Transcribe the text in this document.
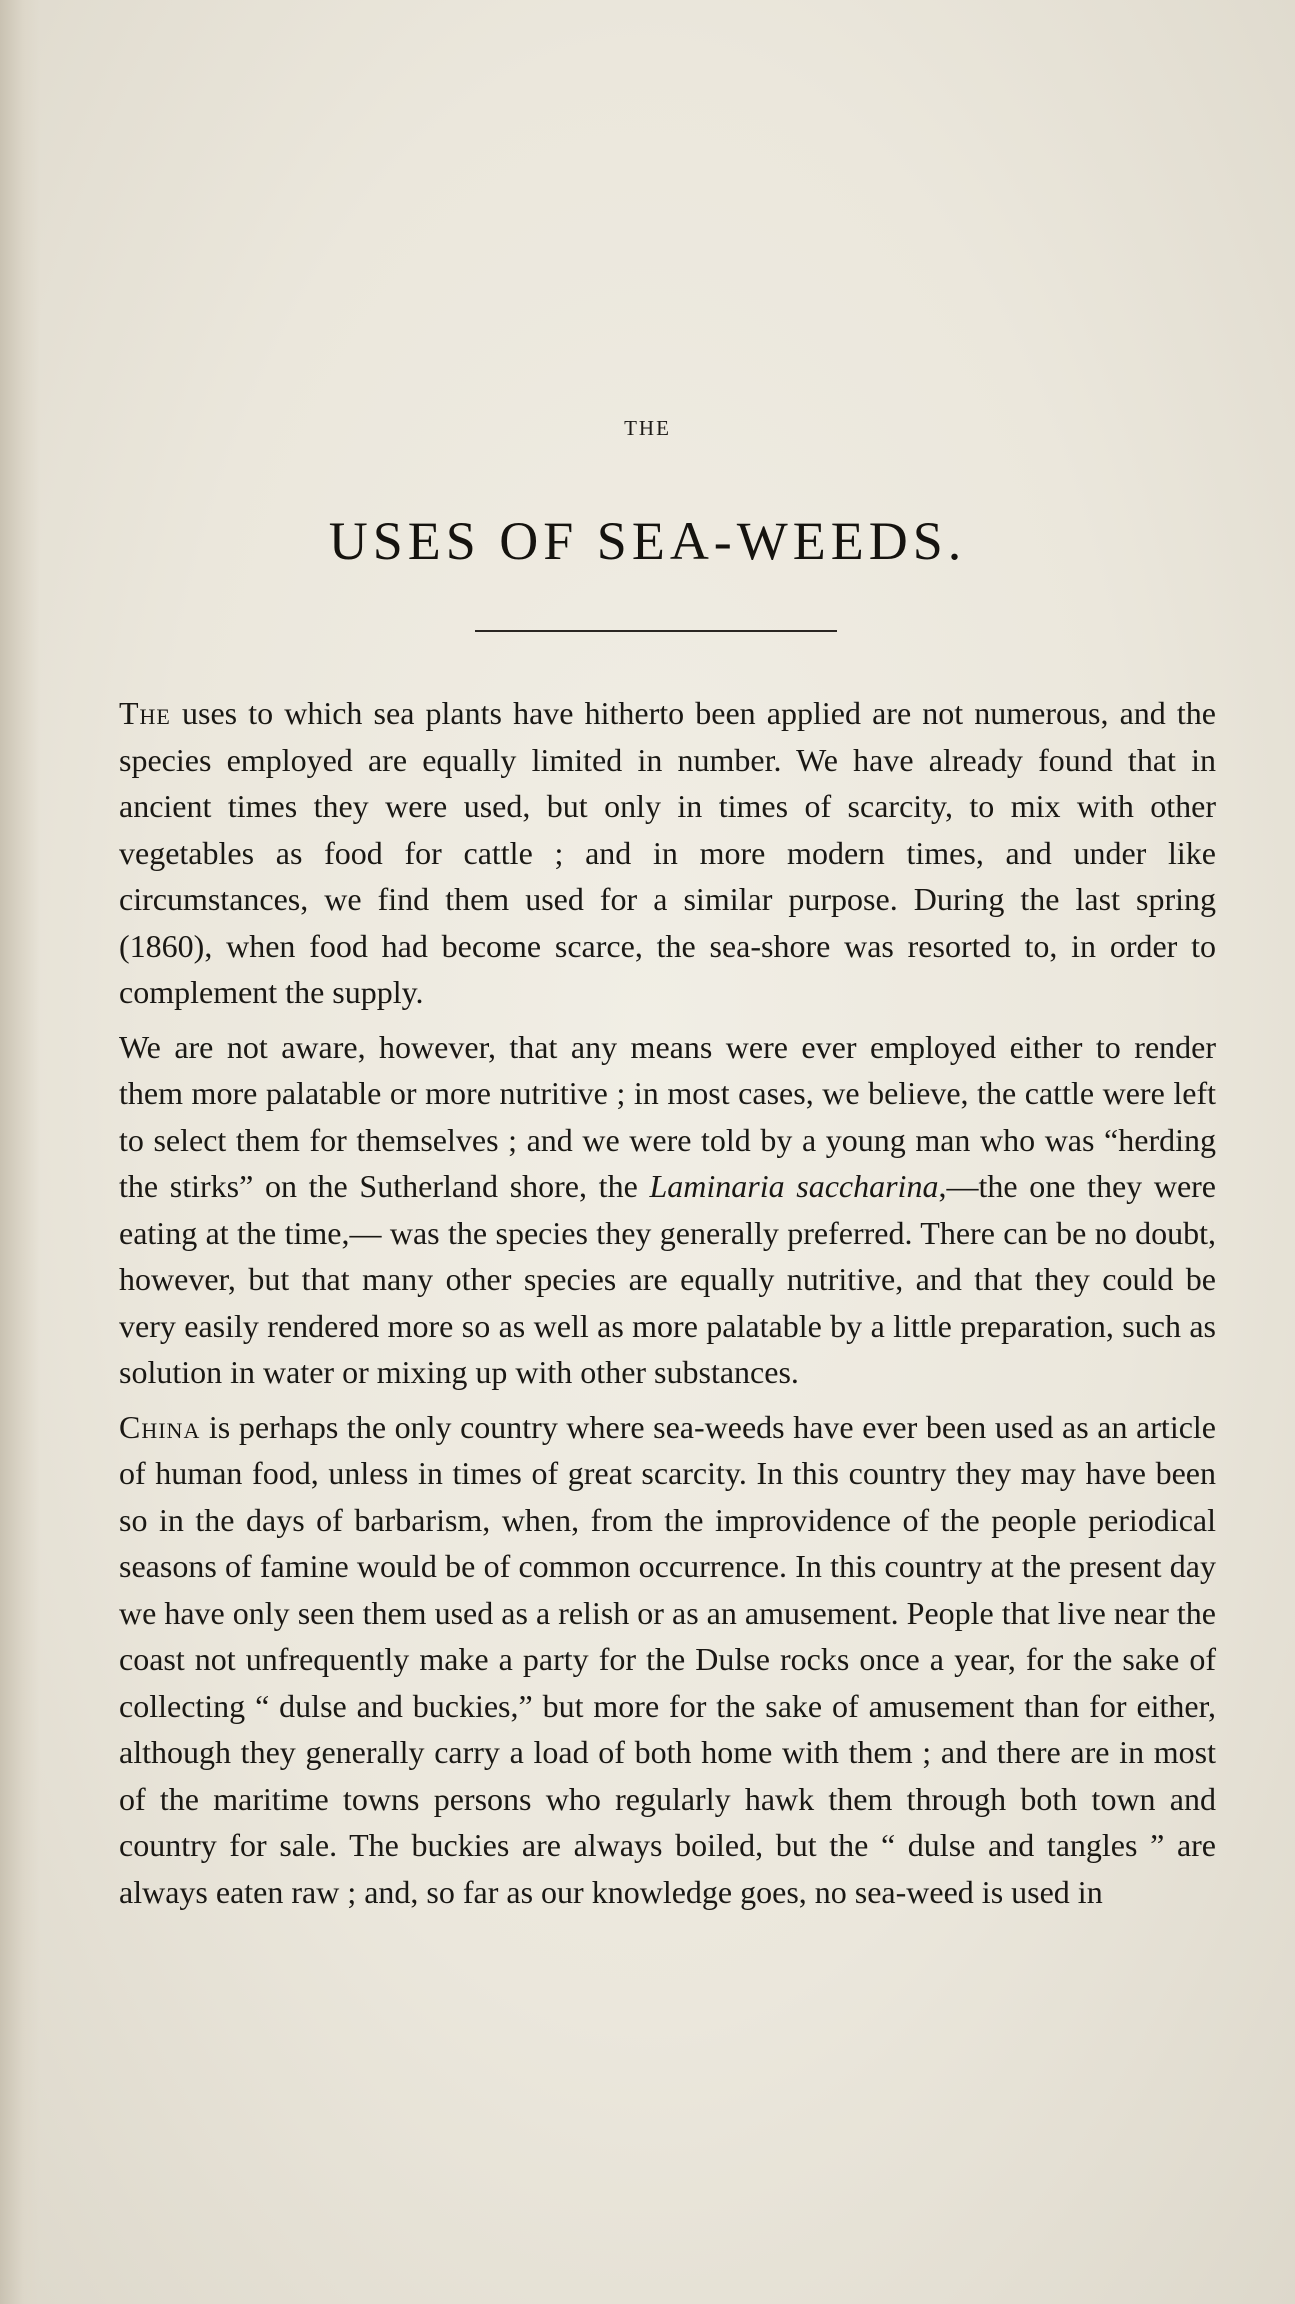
THE
USES OF SEA-WEEDS.

The uses to which sea plants have hitherto been applied are not numerous, and the species employed are equally limited in number. We have already found that in ancient times they were used, but only in times of scarcity, to mix with other vegetables as food for cattle ; and in more modern times, and under like circumstances, we find them used for a similar purpose. During the last spring (1860), when food had become scarce, the sea-shore was resorted to, in order to complement the supply.

We are not aware, however, that any means were ever employed either to render them more palatable or more nutritive ; in most cases, we believe, the cattle were left to select them for themselves ; and we were told by a young man who was “herding the stirks” on the Sutherland shore, the Laminaria saccharina,—the one they were eating at the time,— was the species they generally preferred. There can be no doubt, however, but that many other species are equally nutritive, and that they could be very easily rendered more so as well as more palatable by a little preparation, such as solution in water or mixing up with other substances.

China is perhaps the only country where sea-weeds have ever been used as an article of human food, unless in times of great scarcity. In this country they may have been so in the days of barbarism, when, from the improvidence of the people periodical seasons of famine would be of common occurrence. In this country at the present day we have only seen them used as a relish or as an amusement. People that live near the coast not unfrequently make a party for the Dulse rocks once a year, for the sake of collecting “ dulse and buckies,” but more for the sake of amusement than for either, although they generally carry a load of both home with them ; and there are in most of the maritime towns persons who regularly hawk them through both town and country for sale. The buckies are always boiled, but the “ dulse and tangles ” are always eaten raw ; and, so far as our knowledge goes, no sea-weed is used in
